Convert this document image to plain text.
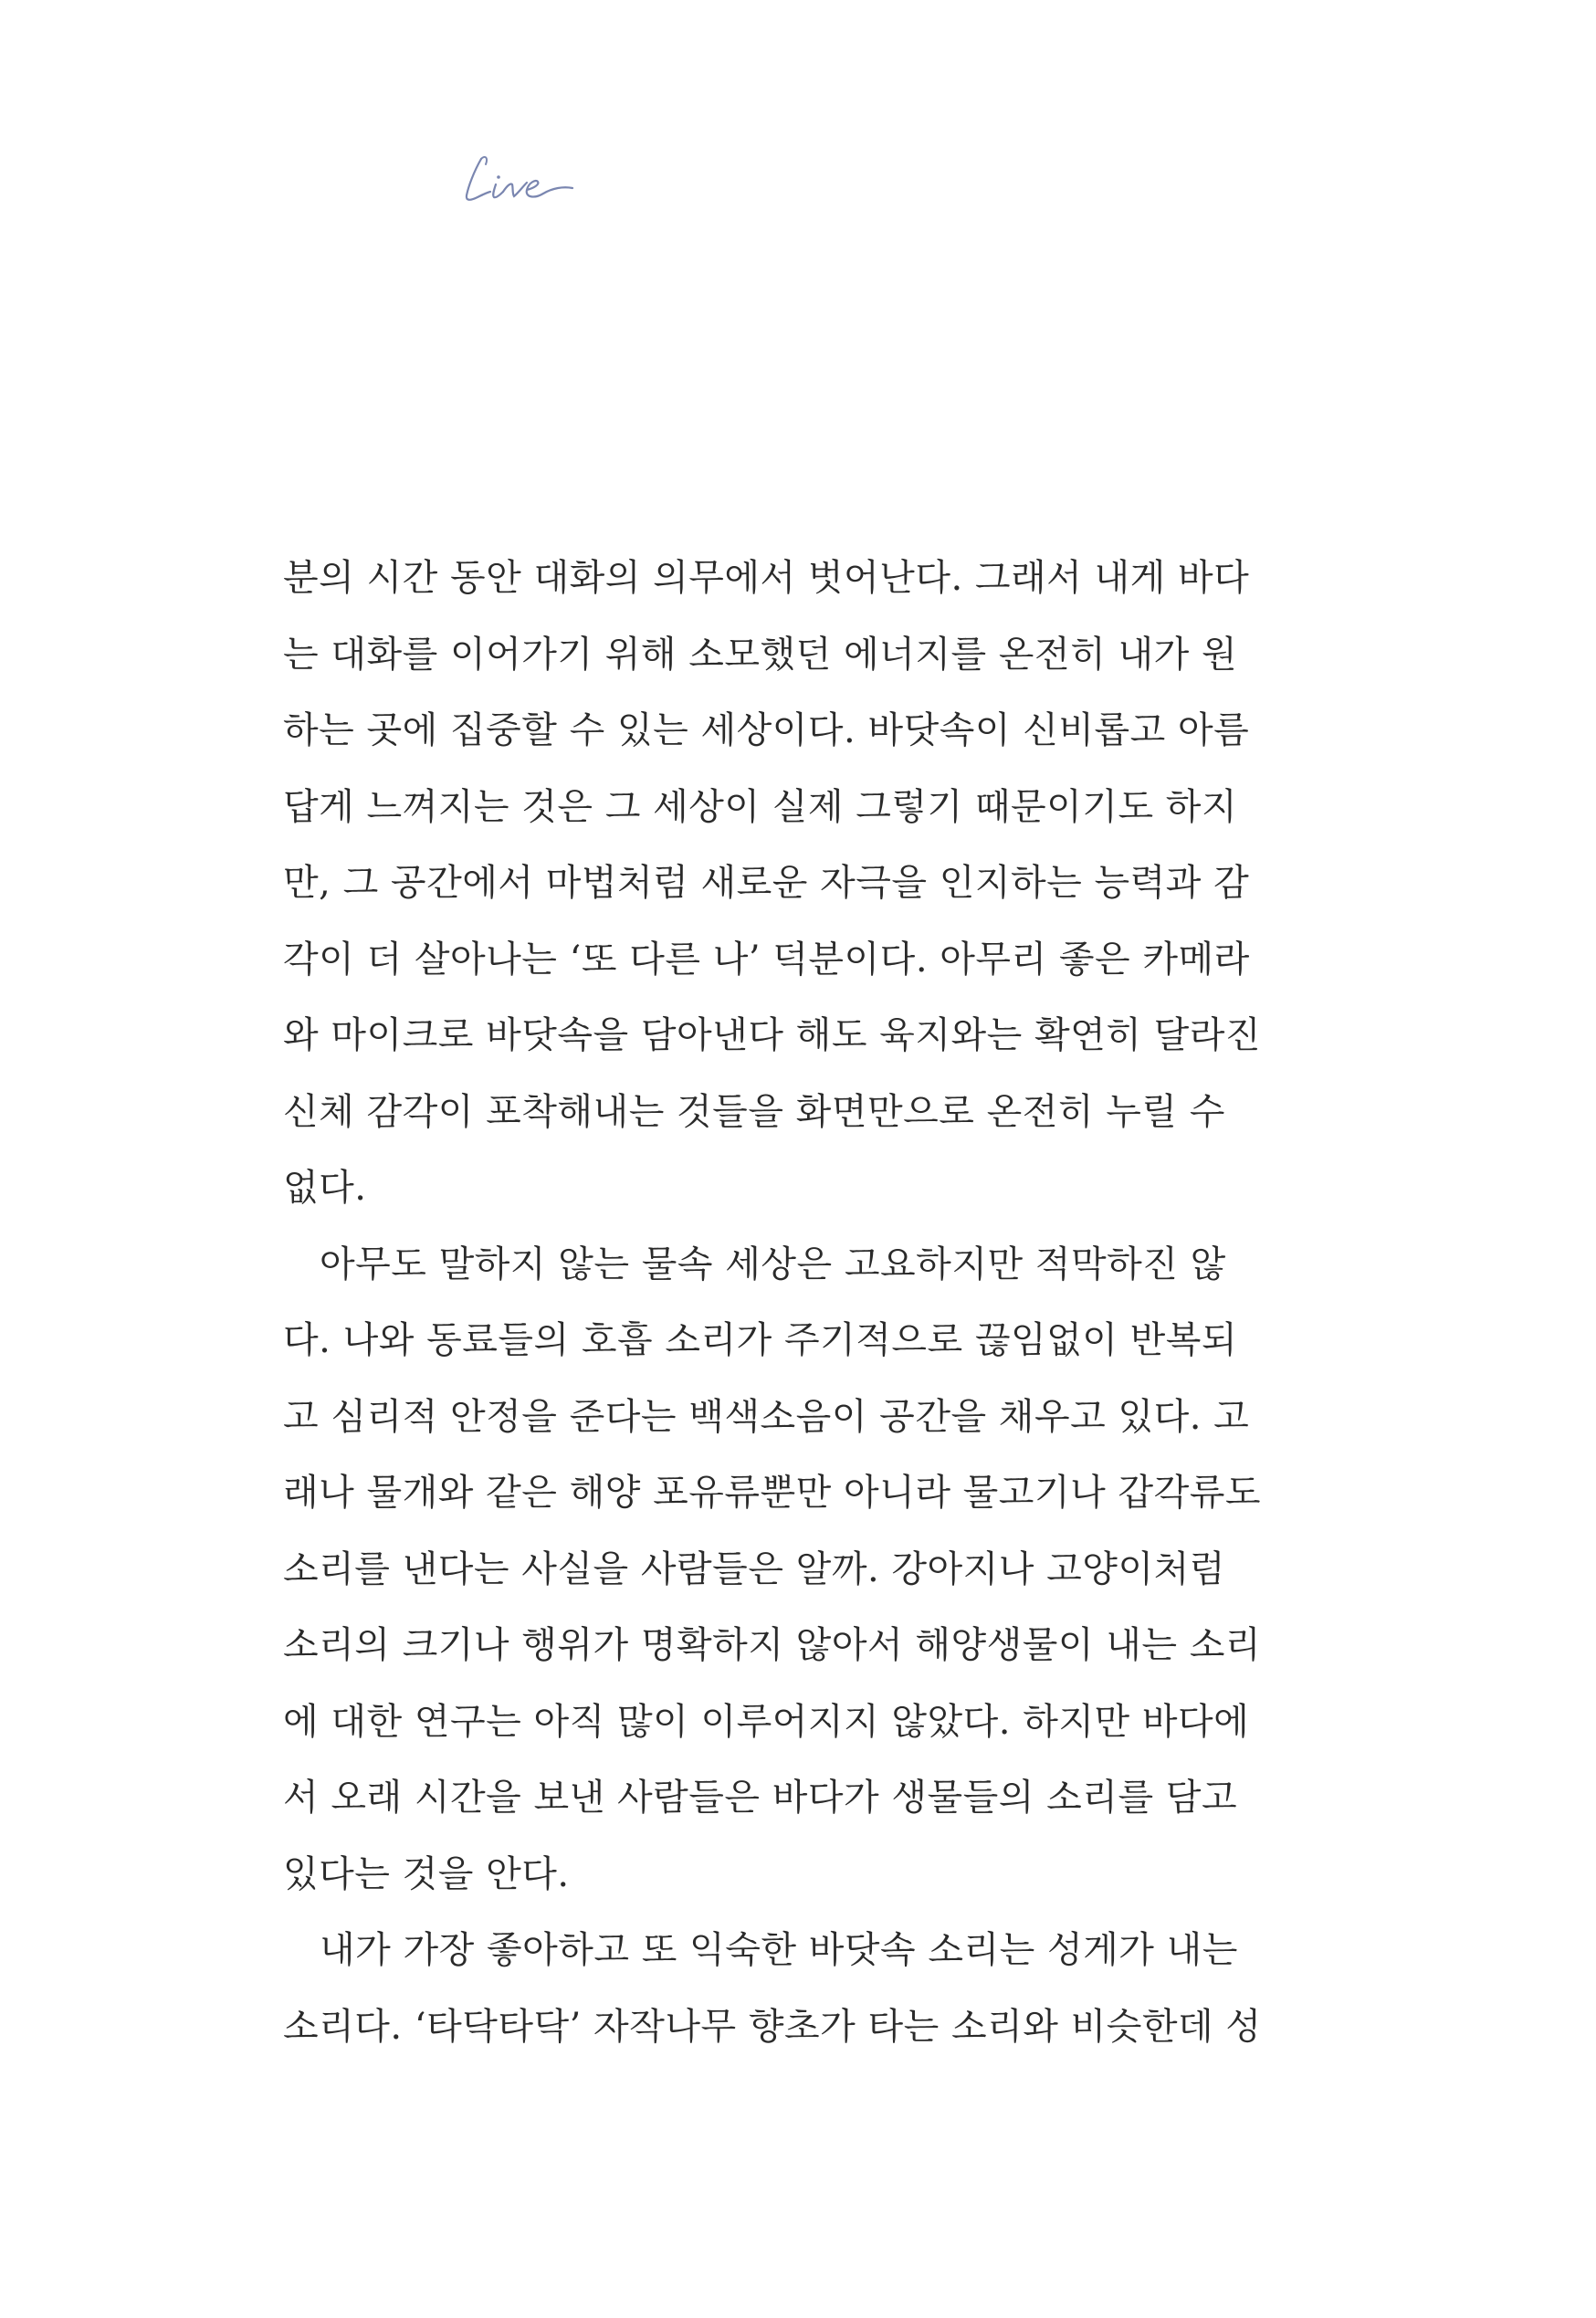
분의 시간 동안 대화의 의무에서 벗어난다. 그래서 내게 바다
는 대화를 이어가기 위해 소모했던 에너지를 온전히 내가 원
하는 곳에 집중할 수 있는 세상이다. 바닷속이 신비롭고 아름
답게 느껴지는 것은 그 세상이 실제 그렇기 때문이기도 하지
만, 그 공간에서 마법처럼 새로운 자극을 인지하는 능력과 감
각이 더 살아나는 ‘또 다른 나’ 덕분이다. 아무리 좋은 카메라
와 마이크로 바닷속을 담아낸다 해도 육지와는 확연히 달라진
신체 감각이 포착해내는 것들을 화면만으로 온전히 누릴 수
없다.
아무도 말하지 않는 물속 세상은 고요하지만 적막하진 않
다. 나와 동료들의 호흡 소리가 주기적으로 끊임없이 반복되
고 심리적 안정을 준다는 백색소음이 공간을 채우고 있다. 고
래나 물개와 같은 해양 포유류뿐만 아니라 물고기나 갑각류도
소리를 낸다는 사실을 사람들은 알까. 강아지나 고양이처럼
소리의 크기나 행위가 명확하지 않아서 해양생물이 내는 소리
에 대한 연구는 아직 많이 이루어지지 않았다. 하지만 바다에
서 오래 시간을 보낸 사람들은 바다가 생물들의 소리를 담고
있다는 것을 안다.
내가 가장 좋아하고 또 익숙한 바닷속 소리는 성게가 내는
소리다. ‘타닥타닥’ 자작나무 향초가 타는 소리와 비슷한데 성
